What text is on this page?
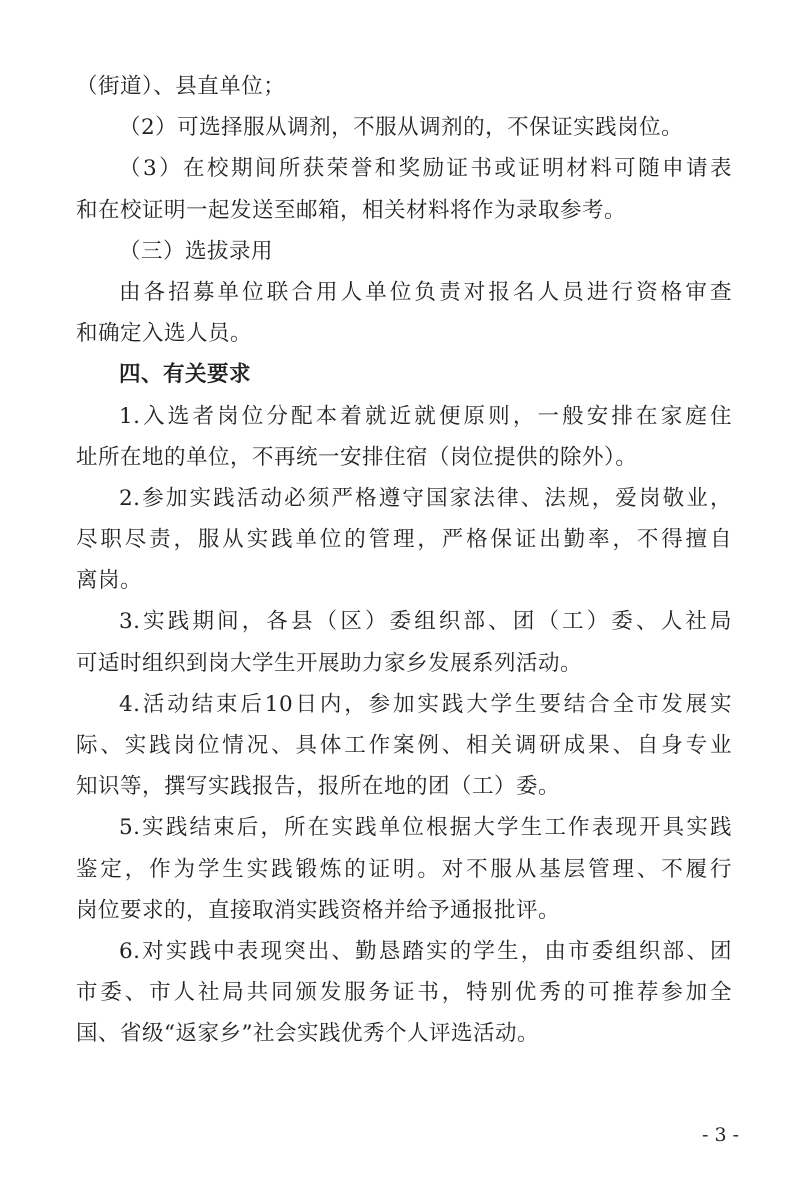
（街道）、县直单位；
（2）可选择服从调剂，不服从调剂的，不保证实践岗位。
（3）在校期间所获荣誉和奖励证书或证明材料可随申请表
和在校证明一起发送至邮箱，相关材料将作为录取参考。
（三）选拔录用
由各招募单位联合用人单位负责对报名人员进行资格审查
和确定入选人员。
四、有关要求
1.入选者岗位分配本着就近就便原则，一般安排在家庭住
址所在地的单位，不再统一安排住宿（岗位提供的除外）。
2.参加实践活动必须严格遵守国家法律、法规，爱岗敬业，
尽职尽责，服从实践单位的管理，严格保证出勤率，不得擅自
离岗。
3.实践期间，各县（区）委组织部、团（工）委、人社局
可适时组织到岗大学生开展助力家乡发展系列活动。
4.活动结束后10日内，参加实践大学生要结合全市发展实
际、实践岗位情况、具体工作案例、相关调研成果、自身专业
知识等，撰写实践报告，报所在地的团（工）委。
5.实践结束后，所在实践单位根据大学生工作表现开具实践
鉴定，作为学生实践锻炼的证明。对不服从基层管理、不履行
岗位要求的，直接取消实践资格并给予通报批评。
6.对实践中表现突出、勤恳踏实的学生，由市委组织部、团
市委、市人社局共同颁发服务证书，特别优秀的可推荐参加全
国、省级“返家乡”社会实践优秀个人评选活动。
- 3 -
